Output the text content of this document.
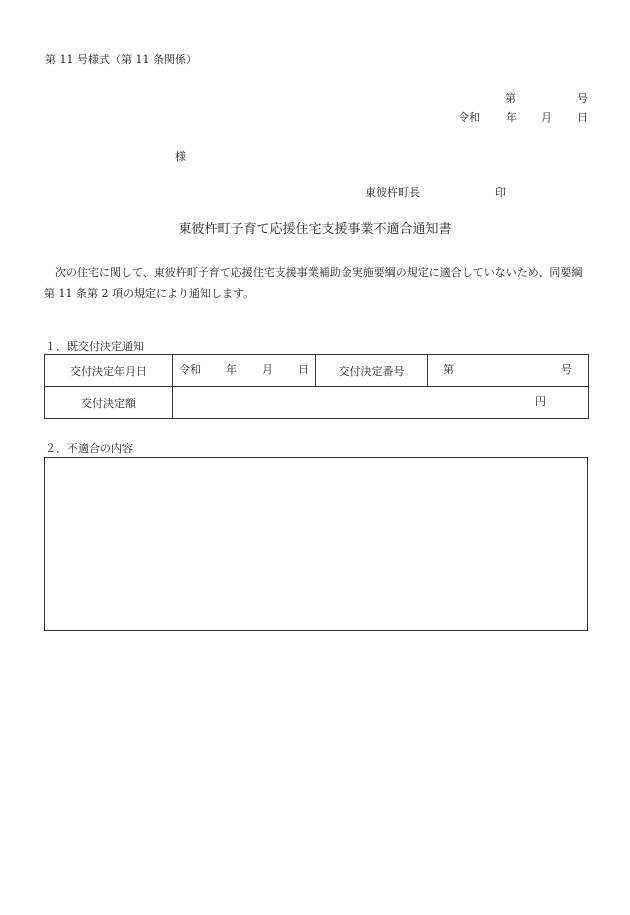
第 11 号様式（第 11 条関係）
第	号
令和 年 月 日
様
東彼杵町長	印
東彼杵町子育て応援住宅支援事業不適合通知書
次の住宅に関して、東彼杵町子育て応援住宅支援事業補助金実施要綱の規定に適合していないため、同要綱第 11 条第 2 項の規定により通知します。
１．既交付決定通知
交付決定年月日	令和 年 月 日	交付決定番号	第 号

交付決定額	円		
２．不適合の内容
